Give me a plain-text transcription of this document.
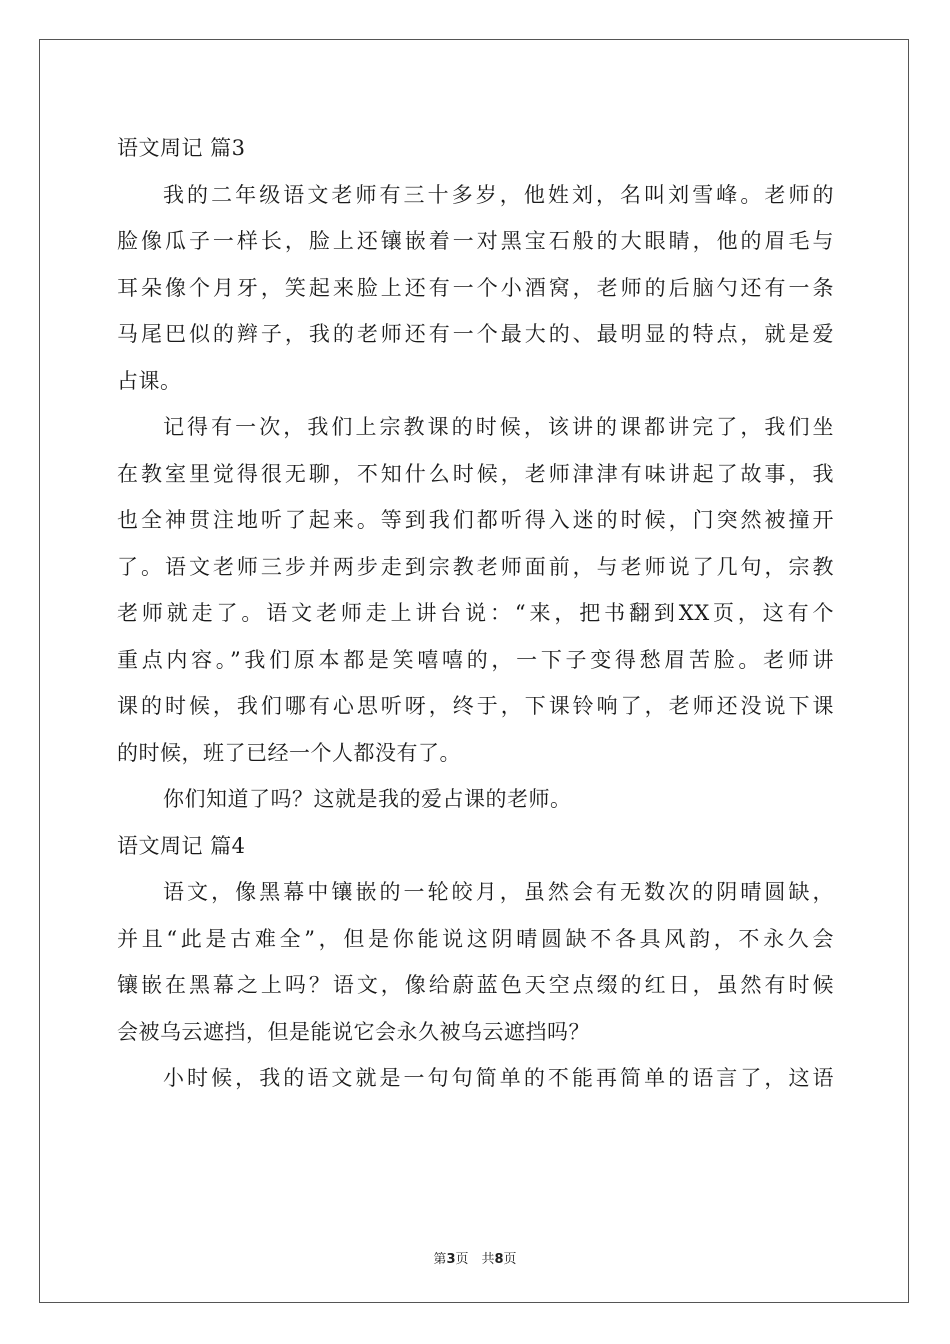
语文周记 篇3
我的二年级语文老师有三十多岁，他姓刘，名叫刘雪峰。老师的
脸像瓜子一样长，脸上还镶嵌着一对黑宝石般的大眼睛，他的眉毛与
耳朵像个月牙，笑起来脸上还有一个小酒窝，老师的后脑勺还有一条
马尾巴似的辫子，我的老师还有一个最大的、最明显的特点，就是爱
占课。
记得有一次，我们上宗教课的时候，该讲的课都讲完了，我们坐
在教室里觉得很无聊，不知什么时候，老师津津有味讲起了故事，我
也全神贯注地听了起来。等到我们都听得入迷的时候，门突然被撞开
了。语文老师三步并两步走到宗教老师面前，与老师说了几句，宗教
老师就走了。语文老师走上讲台说：“来，把书翻到XX页，这有个
重点内容。”我们原本都是笑嘻嘻的，一下子变得愁眉苦脸。老师讲
课的时候，我们哪有心思听呀，终于，下课铃响了，老师还没说下课
的时候，班了已经一个人都没有了。
你们知道了吗？这就是我的爱占课的老师。
语文周记 篇4
语文，像黑幕中镶嵌的一轮皎月，虽然会有无数次的阴晴圆缺，
并且“此是古难全”，但是你能说这阴晴圆缺不各具风韵，不永久会
镶嵌在黑幕之上吗？语文，像给蔚蓝色天空点缀的红日，虽然有时候
会被乌云遮挡，但是能说它会永久被乌云遮挡吗？
小时候，我的语文就是一句句简单的不能再简单的语言了，这语
第3页　共8页
